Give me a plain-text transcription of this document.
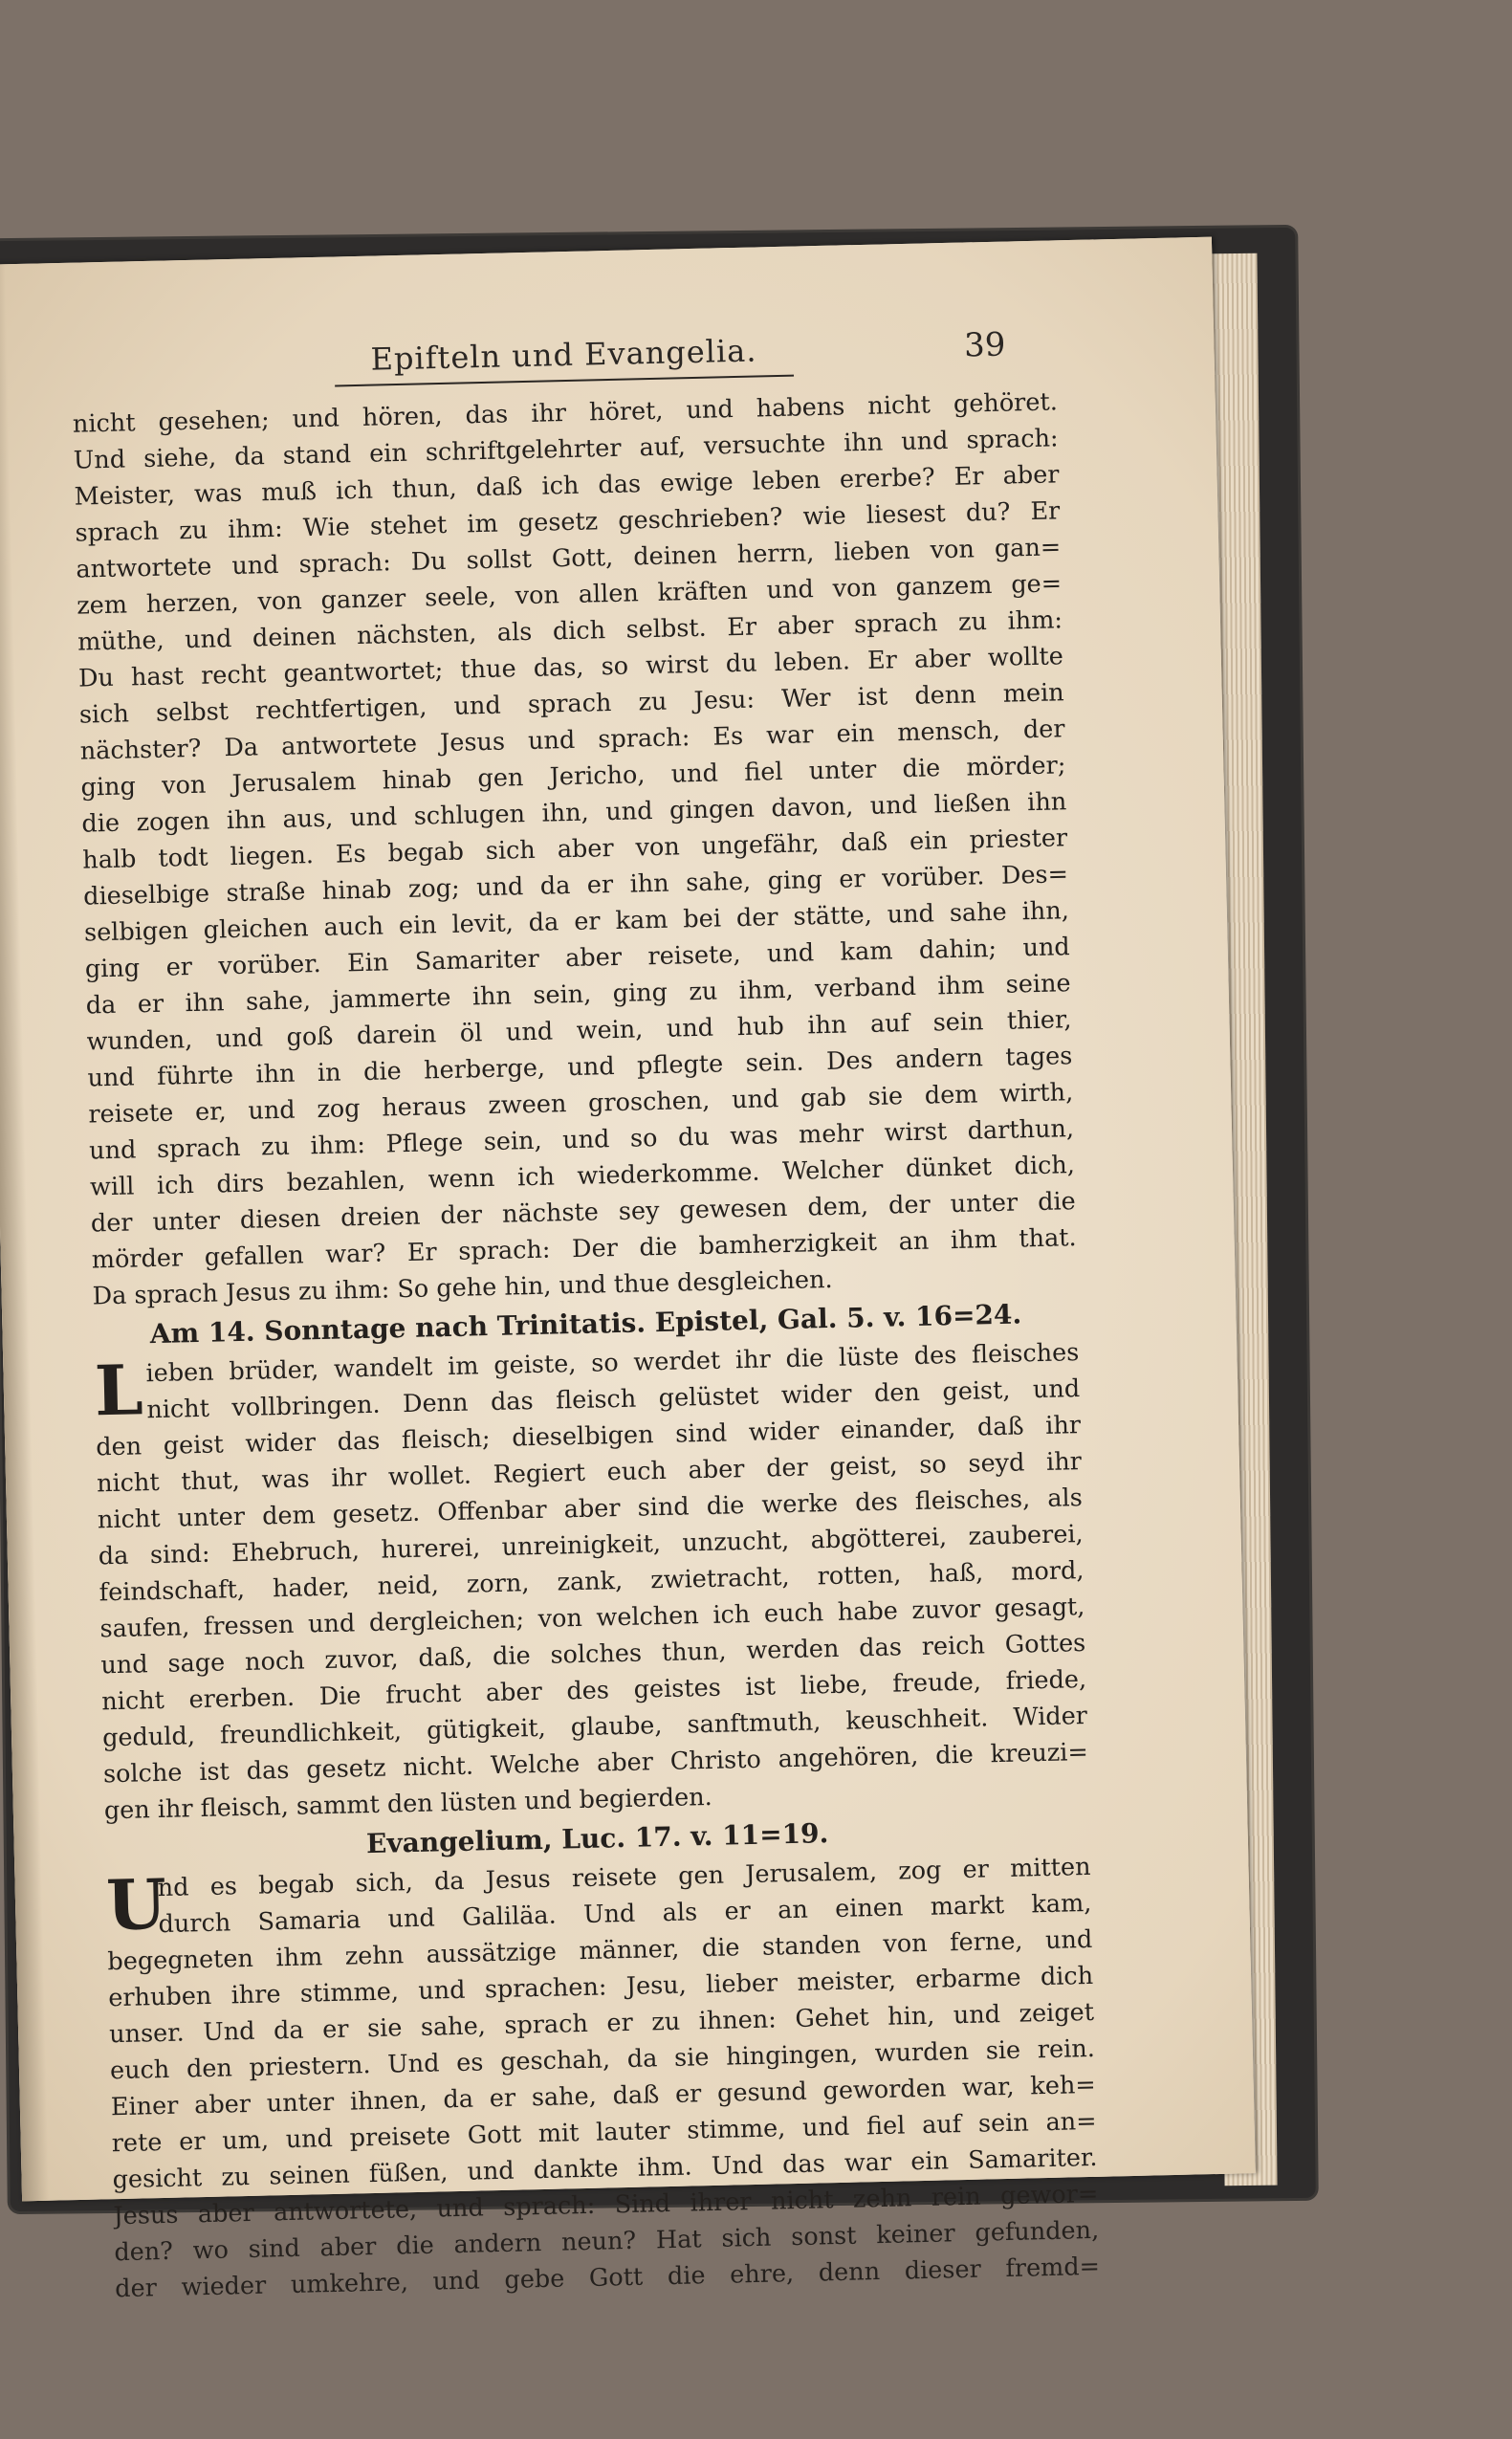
Epifteln und Evangelia.	39
nicht gesehen; und hören, das ihr höret, und habens nicht gehöret.
Und siehe, da stand ein schriftgelehrter auf, versuchte ihn und sprach:
Meister, was muß ich thun, daß ich das ewige leben ererbe? Er aber
sprach zu ihm: Wie stehet im gesetz geschrieben? wie liesest du? Er
antwortete und sprach: Du sollst Gott, deinen herrn, lieben von gan=
zem herzen, von ganzer seele, von allen kräften und von ganzem ge=
müthe, und deinen nächsten, als dich selbst. Er aber sprach zu ihm:
Du hast recht geantwortet; thue das, so wirst du leben. Er aber wollte
sich selbst rechtfertigen, und sprach zu Jesu: Wer ist denn mein
nächster? Da antwortete Jesus und sprach: Es war ein mensch, der
ging von Jerusalem hinab gen Jericho, und fiel unter die mörder;
die zogen ihn aus, und schlugen ihn, und gingen davon, und ließen ihn
halb todt liegen. Es begab sich aber von ungefähr, daß ein priester
dieselbige straße hinab zog; und da er ihn sahe, ging er vorüber. Des=
selbigen gleichen auch ein levit, da er kam bei der stätte, und sahe ihn,
ging er vorüber. Ein Samariter aber reisete, und kam dahin; und
da er ihn sahe, jammerte ihn sein, ging zu ihm, verband ihm seine
wunden, und goß darein öl und wein, und hub ihn auf sein thier,
und führte ihn in die herberge, und pflegte sein. Des andern tages
reisete er, und zog heraus zween groschen, und gab sie dem wirth,
und sprach zu ihm: Pflege sein, und so du was mehr wirst darthun,
will ich dirs bezahlen, wenn ich wiederkomme. Welcher dünket dich,
der unter diesen dreien der nächste sey gewesen dem, der unter die
mörder gefallen war? Er sprach: Der die bamherzigkeit an ihm that.
Da sprach Jesus zu ihm: So gehe hin, und thue desgleichen.
Am 14. Sonntage nach Trinitatis. Epistel, Gal. 5. v. 16=24.
L ieben brüder, wandelt im geiste, so werdet ihr die lüste des fleisches
nicht vollbringen. Denn das fleisch gelüstet wider den geist, und
den geist wider das fleisch; dieselbigen sind wider einander, daß ihr
nicht thut, was ihr wollet. Regiert euch aber der geist, so seyd ihr
nicht unter dem gesetz. Offenbar aber sind die werke des fleisches, als
da sind: Ehebruch, hurerei, unreinigkeit, unzucht, abgötterei, zauberei,
feindschaft, hader, neid, zorn, zank, zwietracht, rotten, haß, mord,
saufen, fressen und dergleichen; von welchen ich euch habe zuvor gesagt,
und sage noch zuvor, daß, die solches thun, werden das reich Gottes
nicht ererben. Die frucht aber des geistes ist liebe, freude, friede,
geduld, freundlichkeit, gütigkeit, glaube, sanftmuth, keuschheit. Wider
solche ist das gesetz nicht. Welche aber Christo angehören, die kreuzi=
gen ihr fleisch, sammt den lüsten und begierden.
Evangelium, Luc. 17. v. 11=19.
U
nd es begab sich, da Jesus reisete gen Jerusalem, zog er mitten
durch Samaria und Galiläa. Und als er an einen markt kam,
begegneten ihm zehn aussätzige männer, die standen von ferne, und
erhuben ihre stimme, und sprachen: Jesu, lieber meister, erbarme dich
unser. Und da er sie sahe, sprach er zu ihnen: Gehet hin, und zeiget
euch den priestern. Und es geschah, da sie hingingen, wurden sie rein.
Einer aber unter ihnen, da er sahe, daß er gesund geworden war, keh=
rete er um, und preisete Gott mit lauter stimme, und fiel auf sein an=
gesicht zu seinen füßen, und dankte ihm. Und das war ein Samariter.
Jesus aber antwortete, und sprach: Sind ihrer nicht zehn rein gewor=
den? wo sind aber die andern neun? Hat sich sonst keiner gefunden,
der wieder umkehre, und gebe Gott die ehre, denn dieser fremd=
